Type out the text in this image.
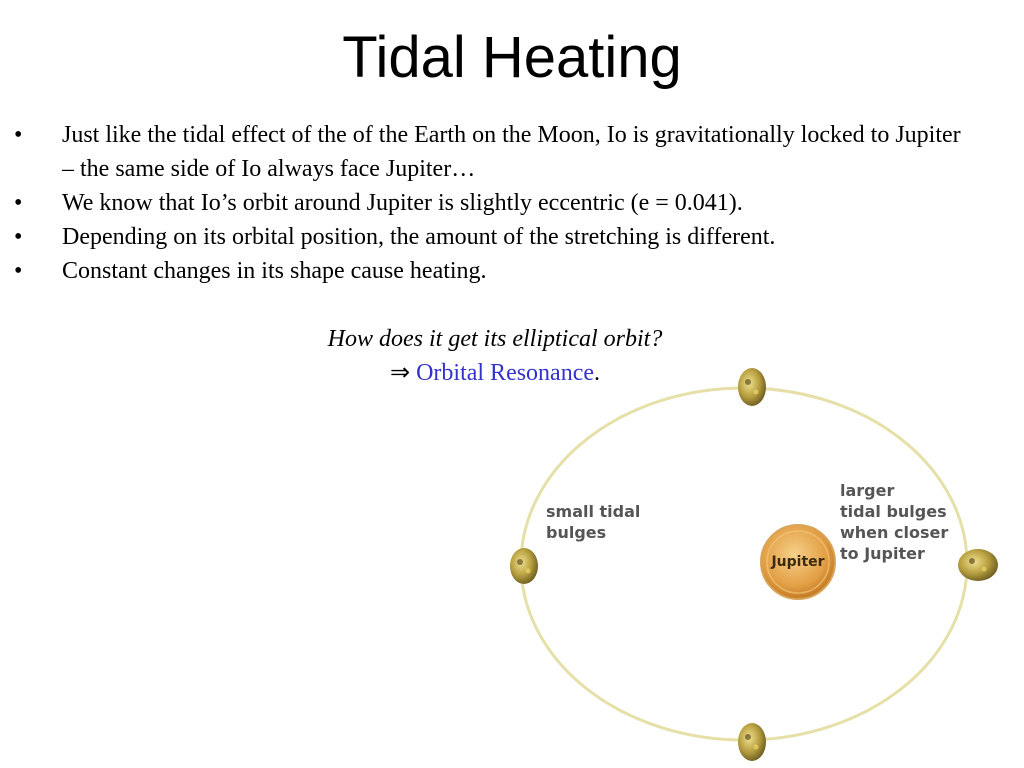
Tidal Heating
• Just like the tidal effect of the of the Earth on the Moon, Io is gravitationally locked to Jupiter – the same side of Io always face Jupiter…
• We know that Io’s orbit around Jupiter is slightly eccentric (e = 0.041).
• Depending on its orbital position, the amount of the stretching is different.
• Constant changes in its shape cause heating.
How does it get its elliptical orbit?
⇒ Orbital Resonance.
small tidal
bulges
larger
tidal bulges
when closer
to Jupiter
Jupiter
